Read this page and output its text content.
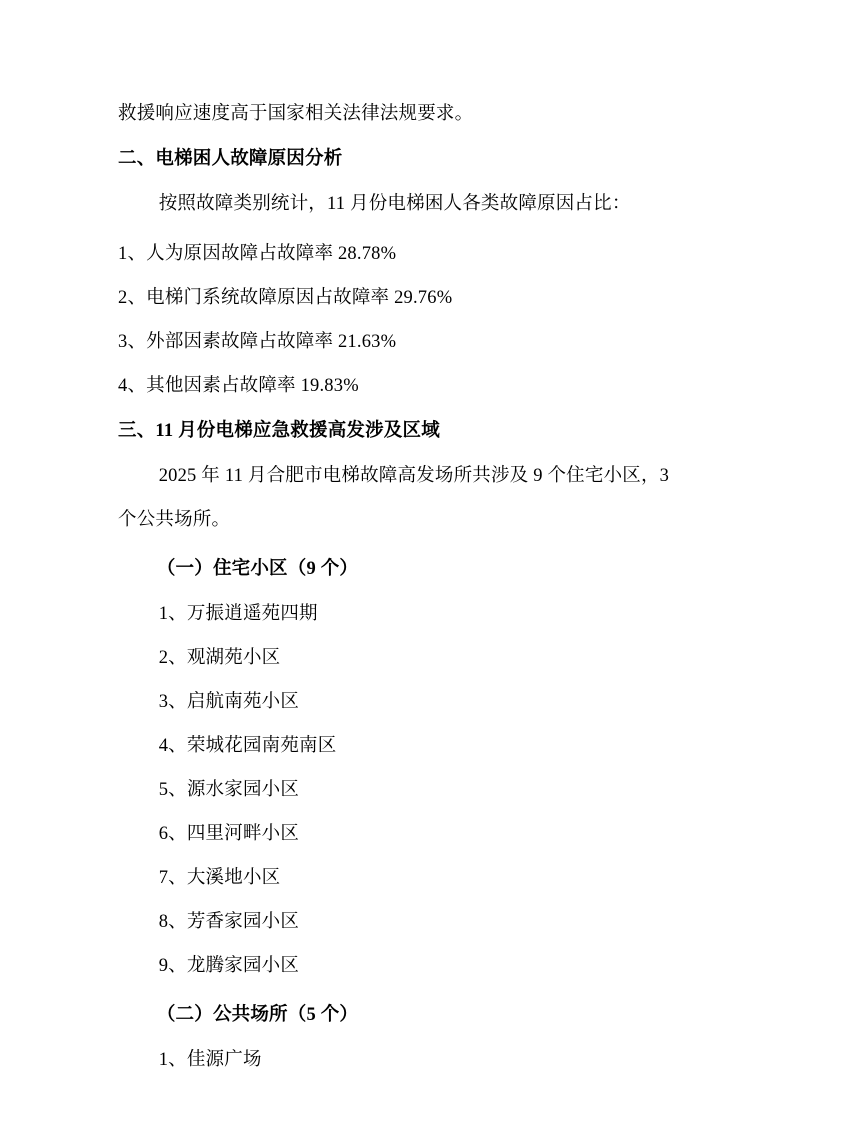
救援响应速度高于国家相关法律法规要求。

二、电梯困人故障原因分析

按照故障类别统计，11 月份电梯困人各类故障原因占比：

1、人为原因故障占故障率 28.78%

2、电梯门系统故障原因占故障率 29.76%

3、外部因素故障占故障率 21.63%

4、其他因素占故障率 19.83%

三、11 月份电梯应急救援高发涉及区域

2025 年 11 月合肥市电梯故障高发场所共涉及 9 个住宅小区，3

个公共场所。

（一）住宅小区（9 个）

1、万振逍遥苑四期

2、观湖苑小区

3、启航南苑小区

4、荣城花园南苑南区

5、源水家园小区

6、四里河畔小区

7、大溪地小区

8、芳香家园小区

9、龙腾家园小区

（二）公共场所（5 个）

1、佳源广场
